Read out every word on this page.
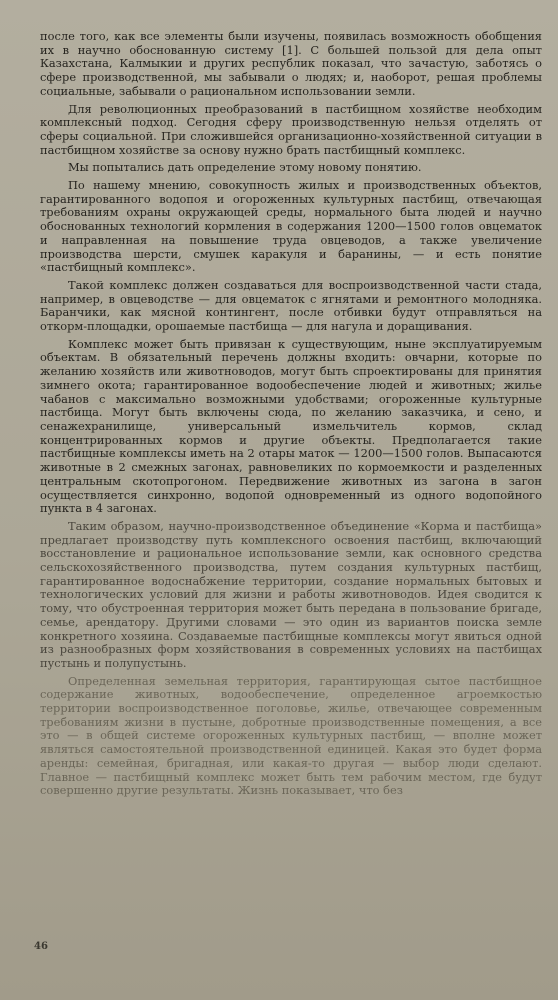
после того, как все элементы были изучены, появилась возможность обобщения их в научно обоснованную систему [1]. С большей пользой для дела опыт Казахстана, Калмыкии и других республик показал, что зачастую, заботясь о сфере производственной, мы забывали о людях; и, наоборот, решая проблемы социальные, забывали о рациональном использовании земли.

Для революционных преобразований в пастбищном хозяйстве необходим комплексный подход. Сегодня сферу производственную нельзя отделять от сферы социальной. При сложившейся организационно-хозяйственной ситуации в пастбищном хозяйстве за основу нужно брать пастбищный комплекс.

Мы попытались дать определение этому новому понятию.

По нашему мнению, совокупность жилых и производственных объектов, гарантированного водопоя и огороженных культурных пастбищ, отвечающая требованиям охраны окружающей среды, нормального быта людей и научно обоснованных технологий кормления в содержания 1200—1500 голов овцематок и направленная на повышение труда овцеводов, а также увеличение производства шерсти, смушек каракуля и баранины, — и есть понятие «пастбищный комплекс».

Такой комплекс должен создаваться для воспроизводственной части стада, например, в овцеводстве — для овцематок с ягнятами и ремонтного молодняка. Баранчики, как мясной контингент, после отбивки будут отправляться на откорм-площадки, орошаемые пастбища — для нагула и доращивания.

Комплекс может быть привязан к существующим, ныне эксплуатируемым объектам. В обязательный перечень должны входить: овчарни, которые по желанию хозяйств или животноводов, могут быть спроектированы для принятия зимнего окота; гарантированное водообеспечение людей и животных; жилье чабанов с максимально возможными удобствами; огороженные культурные пастбища. Могут быть включены сюда, по желанию заказчика, и сено, и сенажехранилище, универсальный измельчитель кормов, склад концентрированных кормов и другие объекты. Предполагается такие пастбищные комплексы иметь на 2 отары маток — 1200—1500 голов. Выпасаются животные в 2 смежных загонах, равновеликих по кормоемкости и разделенных центральным скотопрогоном. Передвижение животных из загона в загон осуществляется синхронно, водопой одновременный из одного водопойного пункта в 4 загонах.

Таким образом, научно-производственное объединение «Корма и пастбища» предлагает производству путь комплексного освоения пастбищ, включающий восстановление и рациональное использование земли, как основного средства сельскохозяйственного производства, путем создания культурных пастбищ, гарантированное водоснабжение территории, создание нормальных бытовых и технологических условий для жизни и работы животноводов. Идея сводится к тому, что обустроенная территория может быть передана в пользование бригаде, семье, арендатору. Другими словами — это один из вариантов поиска земле конкретного хозяина. Создаваемые пастбищные комплексы могут явиться одной из разнообразных форм хозяйствования в современных условиях на пастбищах пустынь и полупустынь.

Определенная земельная территория, гарантирующая сытое пастбищное содержание животных, водообеспечение, определенное агроемкостью территории воспроизводственное поголовье, жилье, отвечающее современным требованиям жизни в пустыне, добротные производственные помещения, а все это — в общей системе огороженных культурных пастбищ, — вполне может являться самостоятельной производственной единицей. Какая это будет форма аренды: семейная, бригадная, или какая-то другая — выбор люди сделают. Главное — пастбищный комплекс может быть тем рабочим местом, где будут совершенно другие результаты. Жизнь показывает, что без

46
